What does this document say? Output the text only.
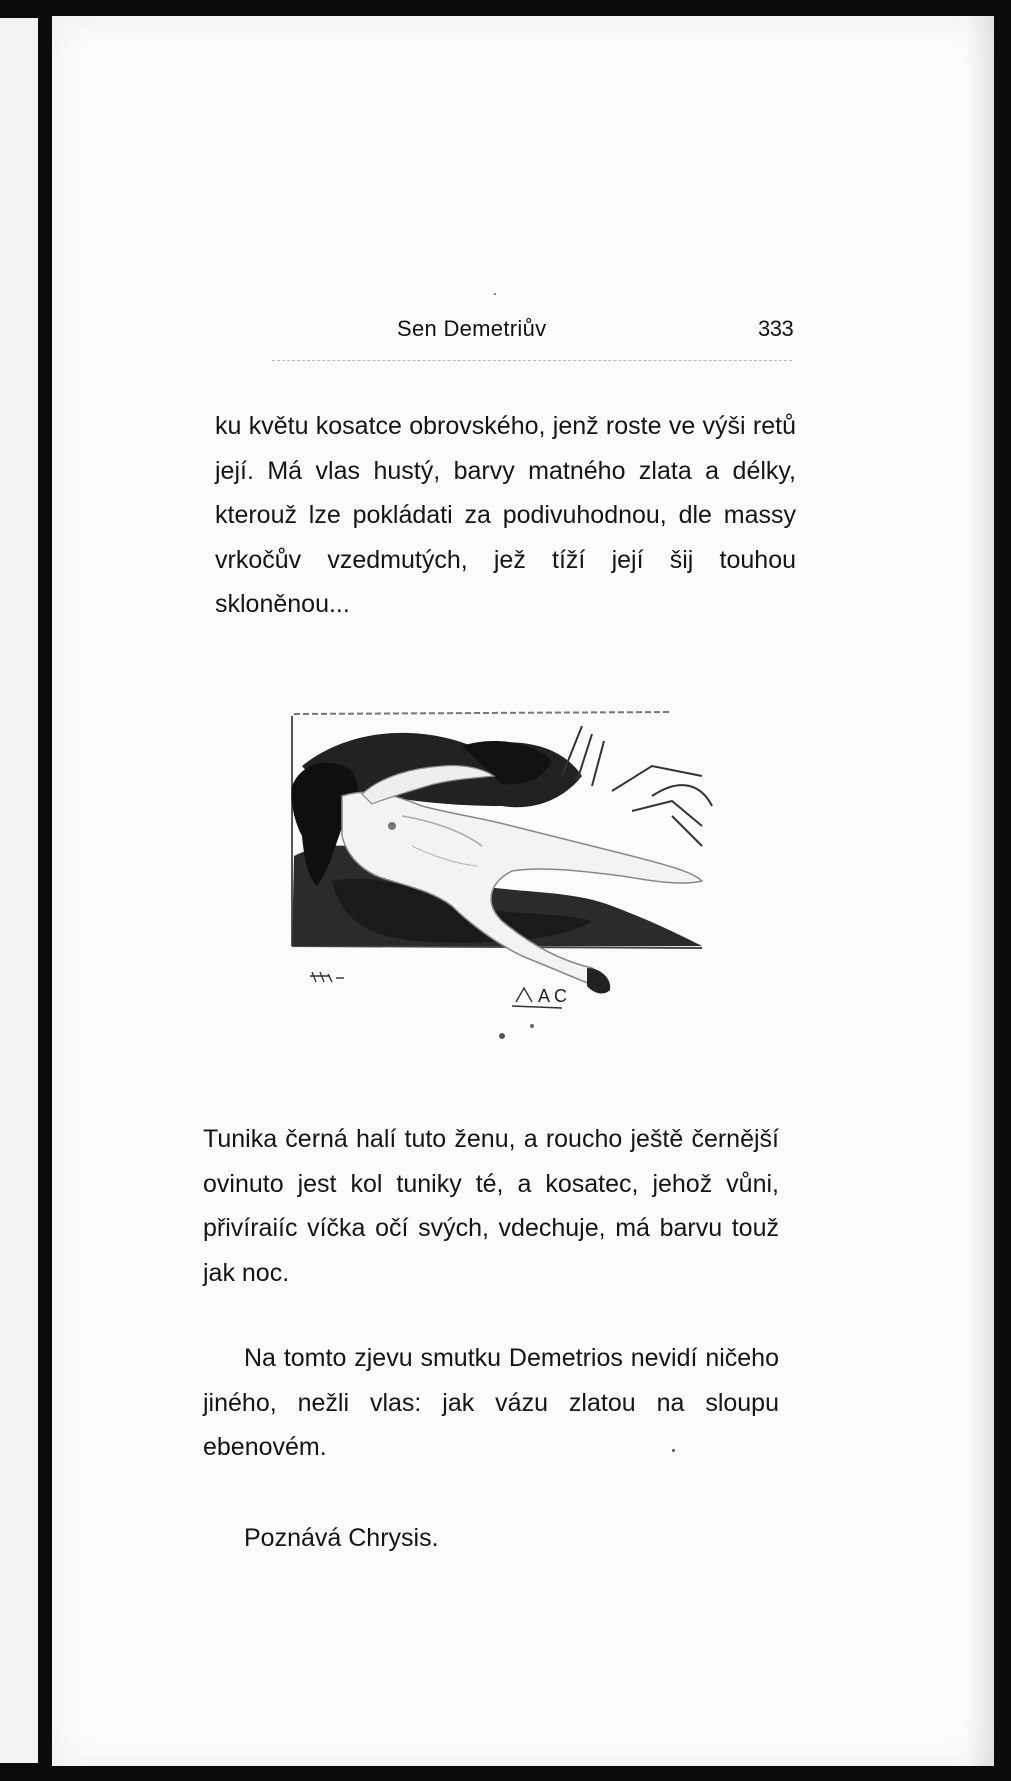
Sen Demetriův	333

ku květu kosatce obrovského, jenž roste ve výši retů její. Má vlas hustý, barvy matného zlata a délky, kterouž lze pokládati za podivuhodnou, dle massy vrkočův vzedmutých, jež tíží její šij touhou skloněnou...

A C

Tunika černá halí tuto ženu, a roucho ještě černější ovinuto jest kol tuniky té, a kosatec, jehož vůni, přivíraiíc víčka očí svých, vdechuje, má barvu touž jak noc.

Na tomto zjevu smutku Demetrios nevidí ničeho jiného, nežli vlas: jak vázu zlatou na sloupu ebenovém.

Poznává Chrysis.
